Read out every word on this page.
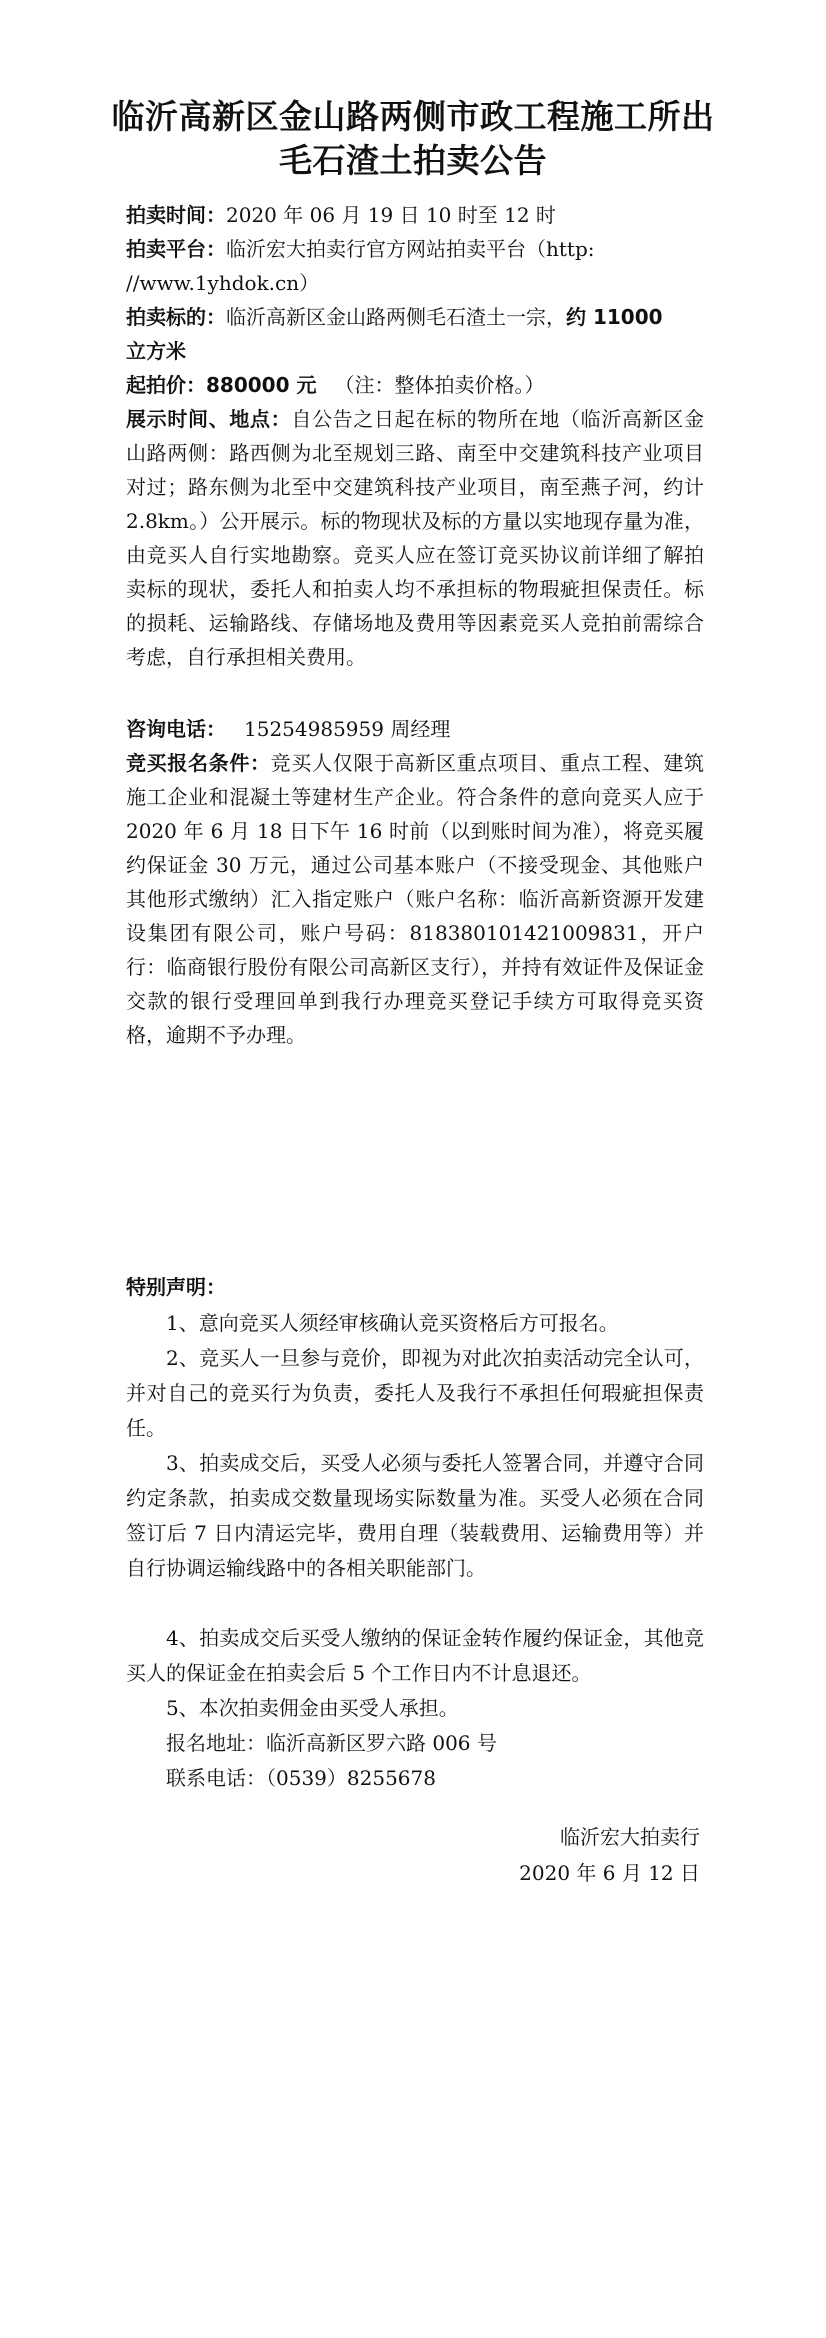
临沂高新区金山路两侧市政工程施工所出
毛石渣土拍卖公告
拍卖时间：2020 年 06 月 19 日 10 时至 12 时
拍卖平台：临沂宏大拍卖行官方网站拍卖平台（http:
//www.1yhdok.cn）
拍卖标的：临沂高新区金山路两侧毛石渣土一宗，约 11000
立方米
起拍价：880000 元 （注：整体拍卖价格。）
展示时间、地点：自公告之日起在标的物所在地（临沂高新区金山路两侧：路西侧为北至规划三路、南至中交建筑科技产业项目对过；路东侧为北至中交建筑科技产业项目，南至燕子河，约计 2.8km。）公开展示。标的物现状及标的方量以实地现存量为准，由竞买人自行实地勘察。竞买人应在签订竞买协议前详细了解拍卖标的现状，委托人和拍卖人均不承担标的物瑕疵担保责任。标的损耗、运输路线、存储场地及费用等因素竞买人竞拍前需综合考虑，自行承担相关费用。
咨询电话： 15254985959 周经理
竞买报名条件：竞买人仅限于高新区重点项目、重点工程、建筑施工企业和混凝土等建材生产企业。符合条件的意向竞买人应于 2020 年 6 月 18 日下午 16 时前（以到账时间为准），将竞买履约保证金 30 万元，通过公司基本账户（不接受现金、其他账户其他形式缴纳）汇入指定账户（账户名称：临沂高新资源开发建设集团有限公司，账户号码：818380101421009831，开户行：临商银行股份有限公司高新区支行），并持有效证件及保证金交款的银行受理回单到我行办理竞买登记手续方可取得竞买资格，逾期不予办理。
特别声明：
1、意向竞买人须经审核确认竞买资格后方可报名。
2、竞买人一旦参与竞价，即视为对此次拍卖活动完全认可，并对自己的竞买行为负责，委托人及我行不承担任何瑕疵担保责任。
3、拍卖成交后，买受人必须与委托人签署合同，并遵守合同约定条款，拍卖成交数量现场实际数量为准。买受人必须在合同签订后 7 日内清运完毕，费用自理（装载费用、运输费用等）并自行协调运输线路中的各相关职能部门。
4、拍卖成交后买受人缴纳的保证金转作履约保证金，其他竞买人的保证金在拍卖会后 5 个工作日内不计息退还。
5、本次拍卖佣金由买受人承担。
报名地址：临沂高新区罗六路 006 号
联系电话：（0539）8255678
临沂宏大拍卖行
2020 年 6 月 12 日
